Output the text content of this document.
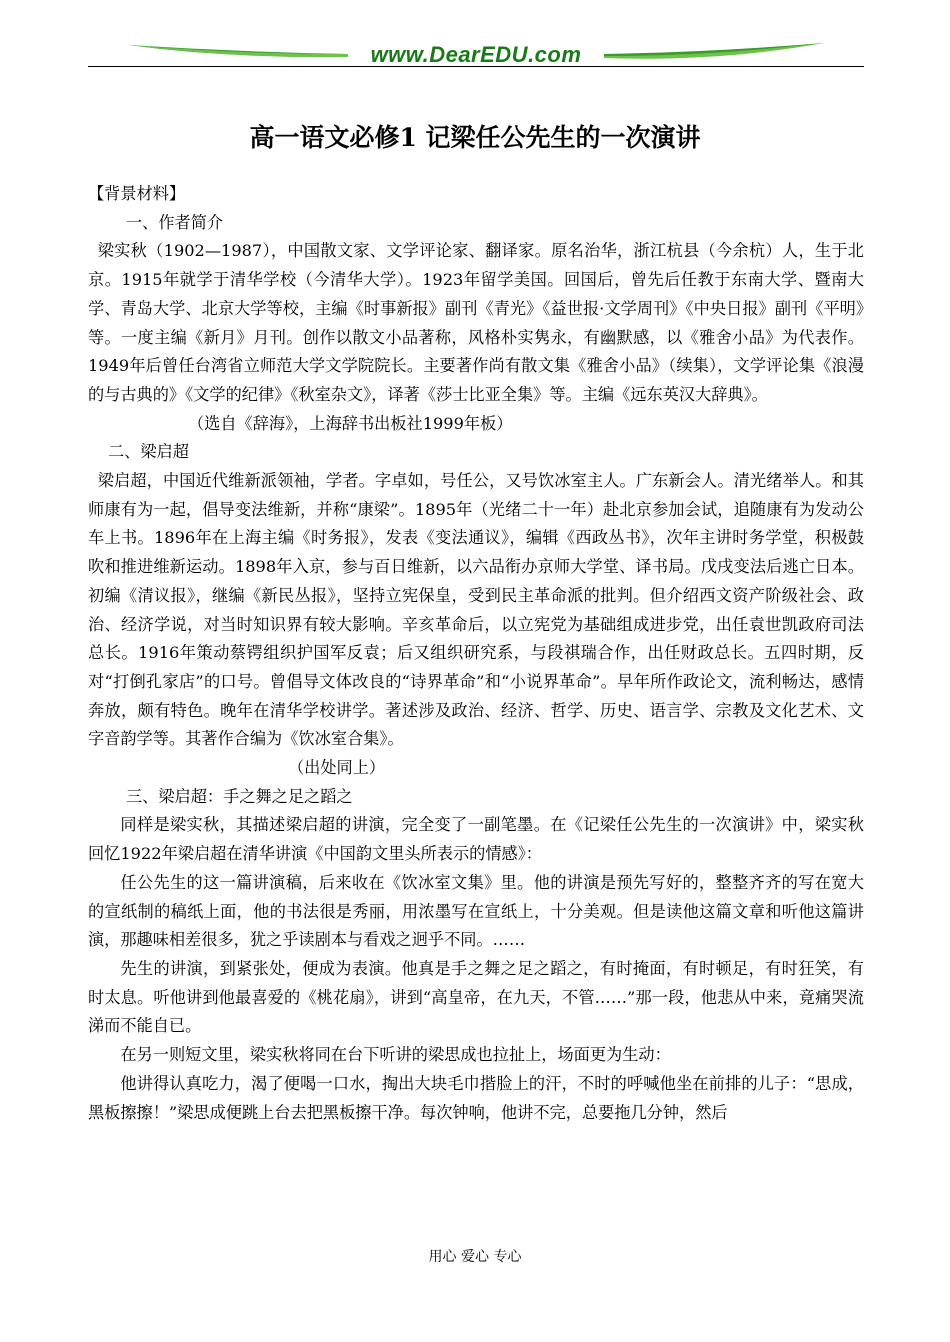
www.DearEDU.com
高一语文必修1 记梁任公先生的一次演讲

【背景材料】

一、作者简介

梁实秋（1902—1987），中国散文家、文学评论家、翻译家。原名治华，浙江杭县（今余杭）人，生于北京。1915年就学于清华学校（今清华大学）。1923年留学美国。回国后，曾先后任教于东南大学、暨南大学、青岛大学、北京大学等校，主编《时事新报》副刊《青光》《益世报·文学周刊》《中央日报》副刊《平明》等。一度主编《新月》月刊。创作以散文小品著称，风格朴实隽永，有幽默感，以《雅舍小品》为代表作。1949年后曾任台湾省立师范大学文学院院长。主要著作尚有散文集《雅舍小品》（续集），文学评论集《浪漫的与古典的》《文学的纪律》《秋室杂文》，译著《莎士比亚全集》等。主编《远东英汉大辞典》。

（选自《辞海》，上海辞书出板社1999年板）

二、梁启超

梁启超，中国近代维新派领袖，学者。字卓如，号任公，又号饮冰室主人。广东新会人。清光绪举人。和其师康有为一起，倡导变法维新，并称“康梁”。1895年（光绪二十一年）赴北京参加会试，追随康有为发动公车上书。1896年在上海主编《时务报》，发表《变法通议》，编辑《西政丛书》，次年主讲时务学堂，积极鼓吹和推进维新运动。1898年入京，参与百日维新，以六品衔办京师大学堂、译书局。戊戌变法后逃亡日本。初编《清议报》，继编《新民丛报》，坚持立宪保皇，受到民主革命派的批判。但介绍西文资产阶级社会、政治、经济学说，对当时知识界有较大影响。辛亥革命后，以立宪党为基础组成进步党，出任袁世凯政府司法总长。1916年策动蔡锷组织护国军反袁；后又组织研究系，与段祺瑞合作，出任财政总长。五四时期，反对“打倒孔家店”的口号。曾倡导文体改良的“诗界革命”和“小说界革命”。早年所作政论文，流利畅达，感情奔放，颇有特色。晚年在清华学校讲学。著述涉及政治、经济、哲学、历史、语言学、宗教及文化艺术、文字音韵学等。其著作合编为《饮冰室合集》。

（出处同上）

三、梁启超：手之舞之足之蹈之

同样是梁实秋，其描述梁启超的讲演，完全变了一副笔墨。在《记梁任公先生的一次演讲》中，梁实秋回忆1922年梁启超在清华讲演《中国韵文里头所表示的情感》：

任公先生的这一篇讲演稿，后来收在《饮冰室文集》里。他的讲演是预先写好的，整整齐齐的写在宽大的宣纸制的稿纸上面，他的书法很是秀丽，用浓墨写在宣纸上，十分美观。但是读他这篇文章和听他这篇讲演，那趣味相差很多，犹之乎读剧本与看戏之迥乎不同。……

先生的讲演，到紧张处，便成为表演。他真是手之舞之足之蹈之，有时掩面，有时顿足，有时狂笑，有时太息。听他讲到他最喜爱的《桃花扇》，讲到“高皇帝，在九天，不管……”那一段，他悲从中来，竟痛哭流涕而不能自已。

在另一则短文里，梁实秋将同在台下听讲的梁思成也拉扯上，场面更为生动：

他讲得认真吃力，渴了便喝一口水，掏出大块毛巾揩脸上的汗，不时的呼喊他坐在前排的儿子：“思成，黑板擦擦！”梁思成便跳上台去把黑板擦干净。每次钟响，他讲不完，总要拖几分钟，然后

用心 爱心 专心
